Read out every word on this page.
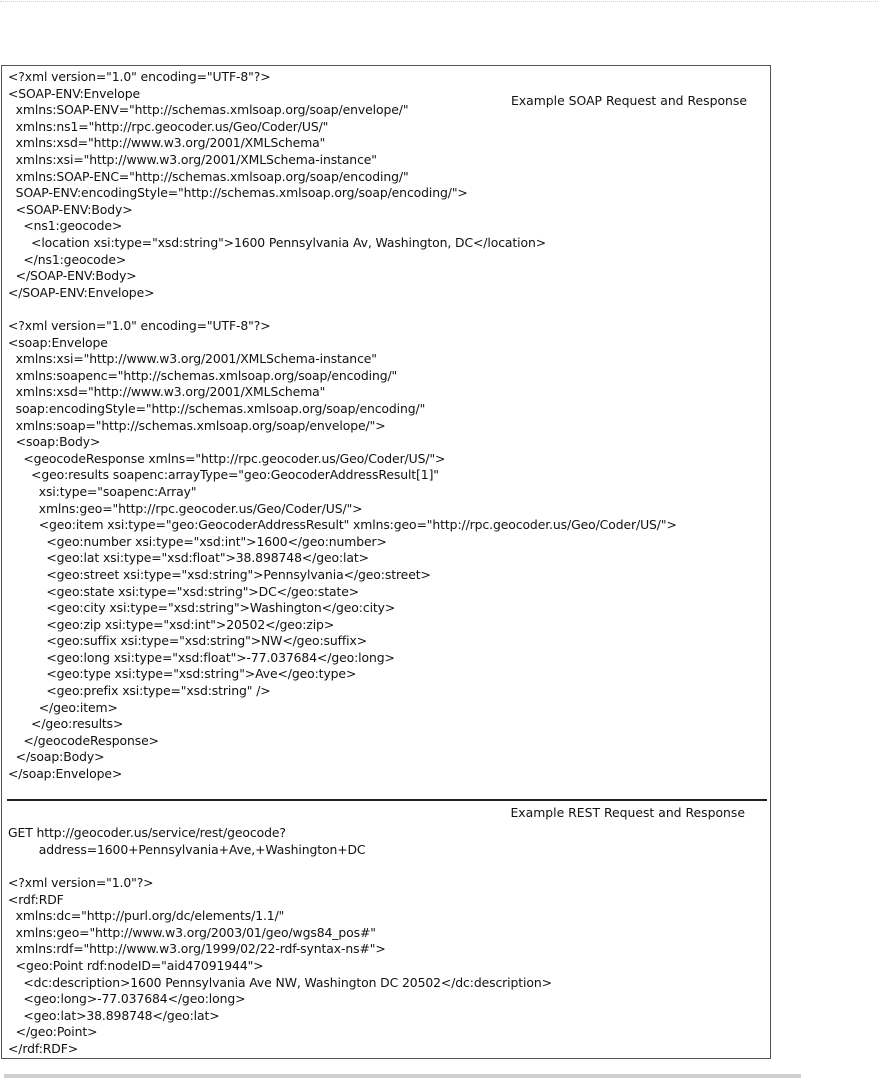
<?xml version="1.0" encoding="UTF-8"?>
<SOAP-ENV:Envelope
xmlns:SOAP-ENV="http://schemas.xmlsoap.org/soap/envelope/"
xmlns:ns1="http://rpc.geocoder.us/Geo/Coder/US/"
xmlns:xsd="http://www.w3.org/2001/XMLSchema"
xmlns:xsi="http://www.w3.org/2001/XMLSchema-instance"
xmlns:SOAP-ENC="http://schemas.xmlsoap.org/soap/encoding/"
SOAP-ENV:encodingStyle="http://schemas.xmlsoap.org/soap/encoding/">
<SOAP-ENV:Body>
<ns1:geocode>
<location xsi:type="xsd:string">1600 Pennsylvania Av, Washington, DC</location>
</ns1:geocode>
</SOAP-ENV:Body>
</SOAP-ENV:Envelope>
Example SOAP Request and Response
<?xml version="1.0" encoding="UTF-8"?>
<soap:Envelope
xmlns:xsi="http://www.w3.org/2001/XMLSchema-instance"
xmlns:soapenc="http://schemas.xmlsoap.org/soap/encoding/"
xmlns:xsd="http://www.w3.org/2001/XMLSchema"
soap:encodingStyle="http://schemas.xmlsoap.org/soap/encoding/"
xmlns:soap="http://schemas.xmlsoap.org/soap/envelope/">
<soap:Body>
<geocodeResponse xmlns="http://rpc.geocoder.us/Geo/Coder/US/">
<geo:results soapenc:arrayType="geo:GeocoderAddressResult[1]"
xsi:type="soapenc:Array"
xmlns:geo="http://rpc.geocoder.us/Geo/Coder/US/">
<geo:item xsi:type="geo:GeocoderAddressResult" xmlns:geo="http://rpc.geocoder.us/Geo/Coder/US/">
<geo:number xsi:type="xsd:int">1600</geo:number>
<geo:lat xsi:type="xsd:float">38.898748</geo:lat>
<geo:street xsi:type="xsd:string">Pennsylvania</geo:street>
<geo:state xsi:type="xsd:string">DC</geo:state>
<geo:city xsi:type="xsd:string">Washington</geo:city>
<geo:zip xsi:type="xsd:int">20502</geo:zip>
<geo:suffix xsi:type="xsd:string">NW</geo:suffix>
<geo:long xsi:type="xsd:float">-77.037684</geo:long>
<geo:type xsi:type="xsd:string">Ave</geo:type>
<geo:prefix xsi:type="xsd:string" />
</geo:item>
</geo:results>
</geocodeResponse>
</soap:Body>
</soap:Envelope>
Example REST Request and Response
GET http://geocoder.us/service/rest/geocode?
address=1600+Pennsylvania+Ave,+Washington+DC
<?xml version="1.0"?>
<rdf:RDF
xmlns:dc="http://purl.org/dc/elements/1.1/"
xmlns:geo="http://www.w3.org/2003/01/geo/wgs84_pos#"
xmlns:rdf="http://www.w3.org/1999/02/22-rdf-syntax-ns#">
<geo:Point rdf:nodeID="aid47091944">
<dc:description>1600 Pennsylvania Ave NW, Washington DC 20502</dc:description>
<geo:long>-77.037684</geo:long>
<geo:lat>38.898748</geo:lat>
</geo:Point>
</rdf:RDF>
